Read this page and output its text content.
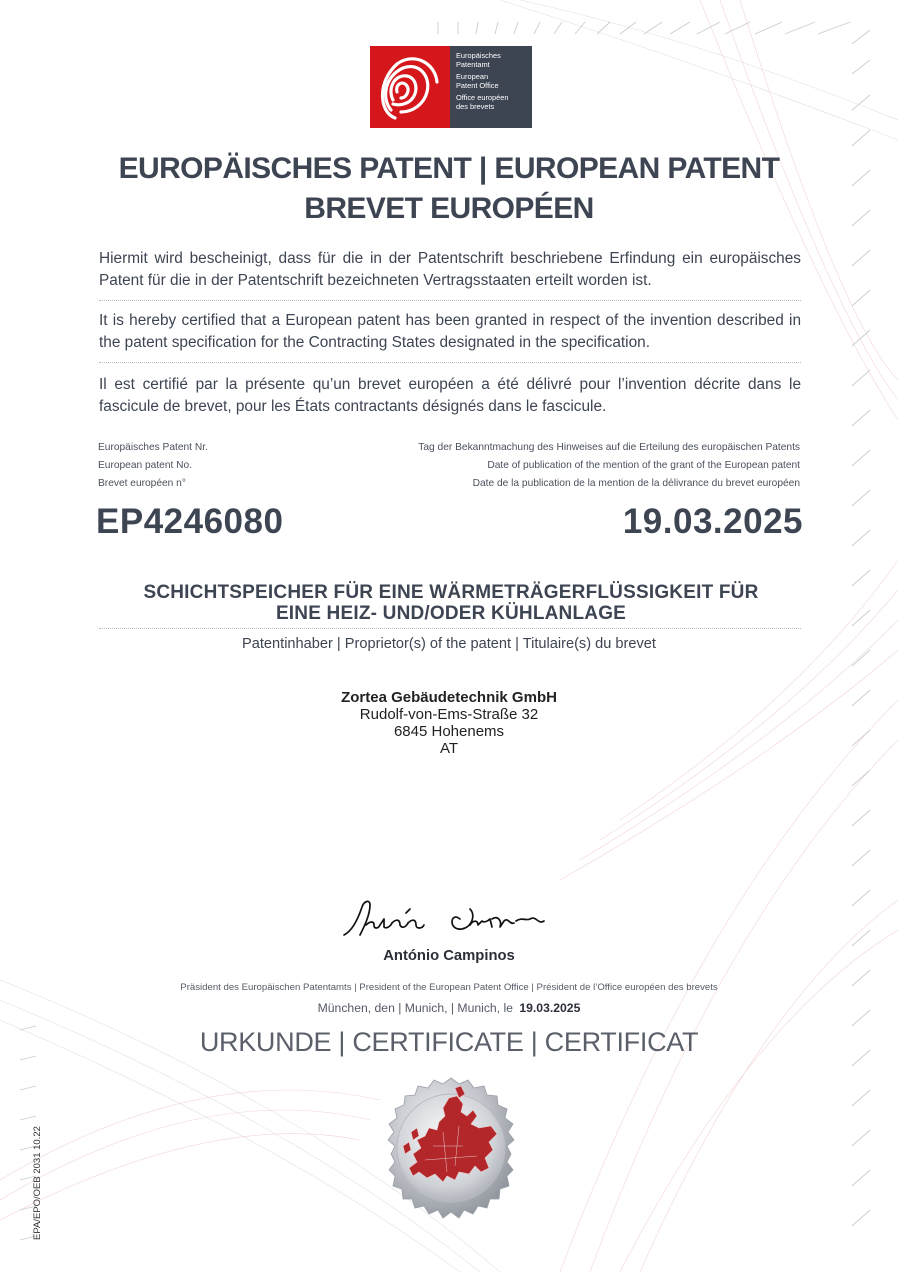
Europäisches
Patentamt
European
Patent Office
Office européen
des brevets
EUROPÄISCHES PATENT | EUROPEAN PATENT
BREVET EUROPÉEN
Hiermit wird bescheinigt, dass für die in der Patentschrift beschriebene Erfindung ein europäisches Patent für die in der Patentschrift bezeichneten Vertragsstaaten erteilt worden ist.
It is hereby certified that a European patent has been granted in respect of the invention described in the patent specification for the Contracting States designated in the specification.
Il est certifié par la présente qu’un brevet européen a été délivré pour l’invention décrite dans le fascicule de brevet, pour les États contractants désignés dans le fascicule.
Europäisches Patent Nr.
European patent No.
Brevet européen n°
Tag der Bekanntmachung des Hinweises auf die Erteilung des europäischen Patents
Date of publication of the mention of the grant of the European patent
Date de la publication de la mention de la délivrance du brevet européen
EP4246080	19.03.2025
SCHICHTSPEICHER FÜR EINE WÄRMETRÄGERFLÜSSIGKEIT FÜR
EINE HEIZ- UND/ODER KÜHLANLAGE
Patentinhaber | Proprietor(s) of the patent | Titulaire(s) du brevet
Zortea Gebäudetechnik GmbH
Rudolf-von-Ems-Straße 32
6845 Hohenems
AT
António Campinos
Präsident des Europäischen Patentamts | President of the European Patent Office | Président de l’Office européen des brevets
München, den | Munich, | Munich, le 19.03.2025
URKUNDE | CERTIFICATE | CERTIFICAT
EPA/EPO/OEB 2031 10.22
